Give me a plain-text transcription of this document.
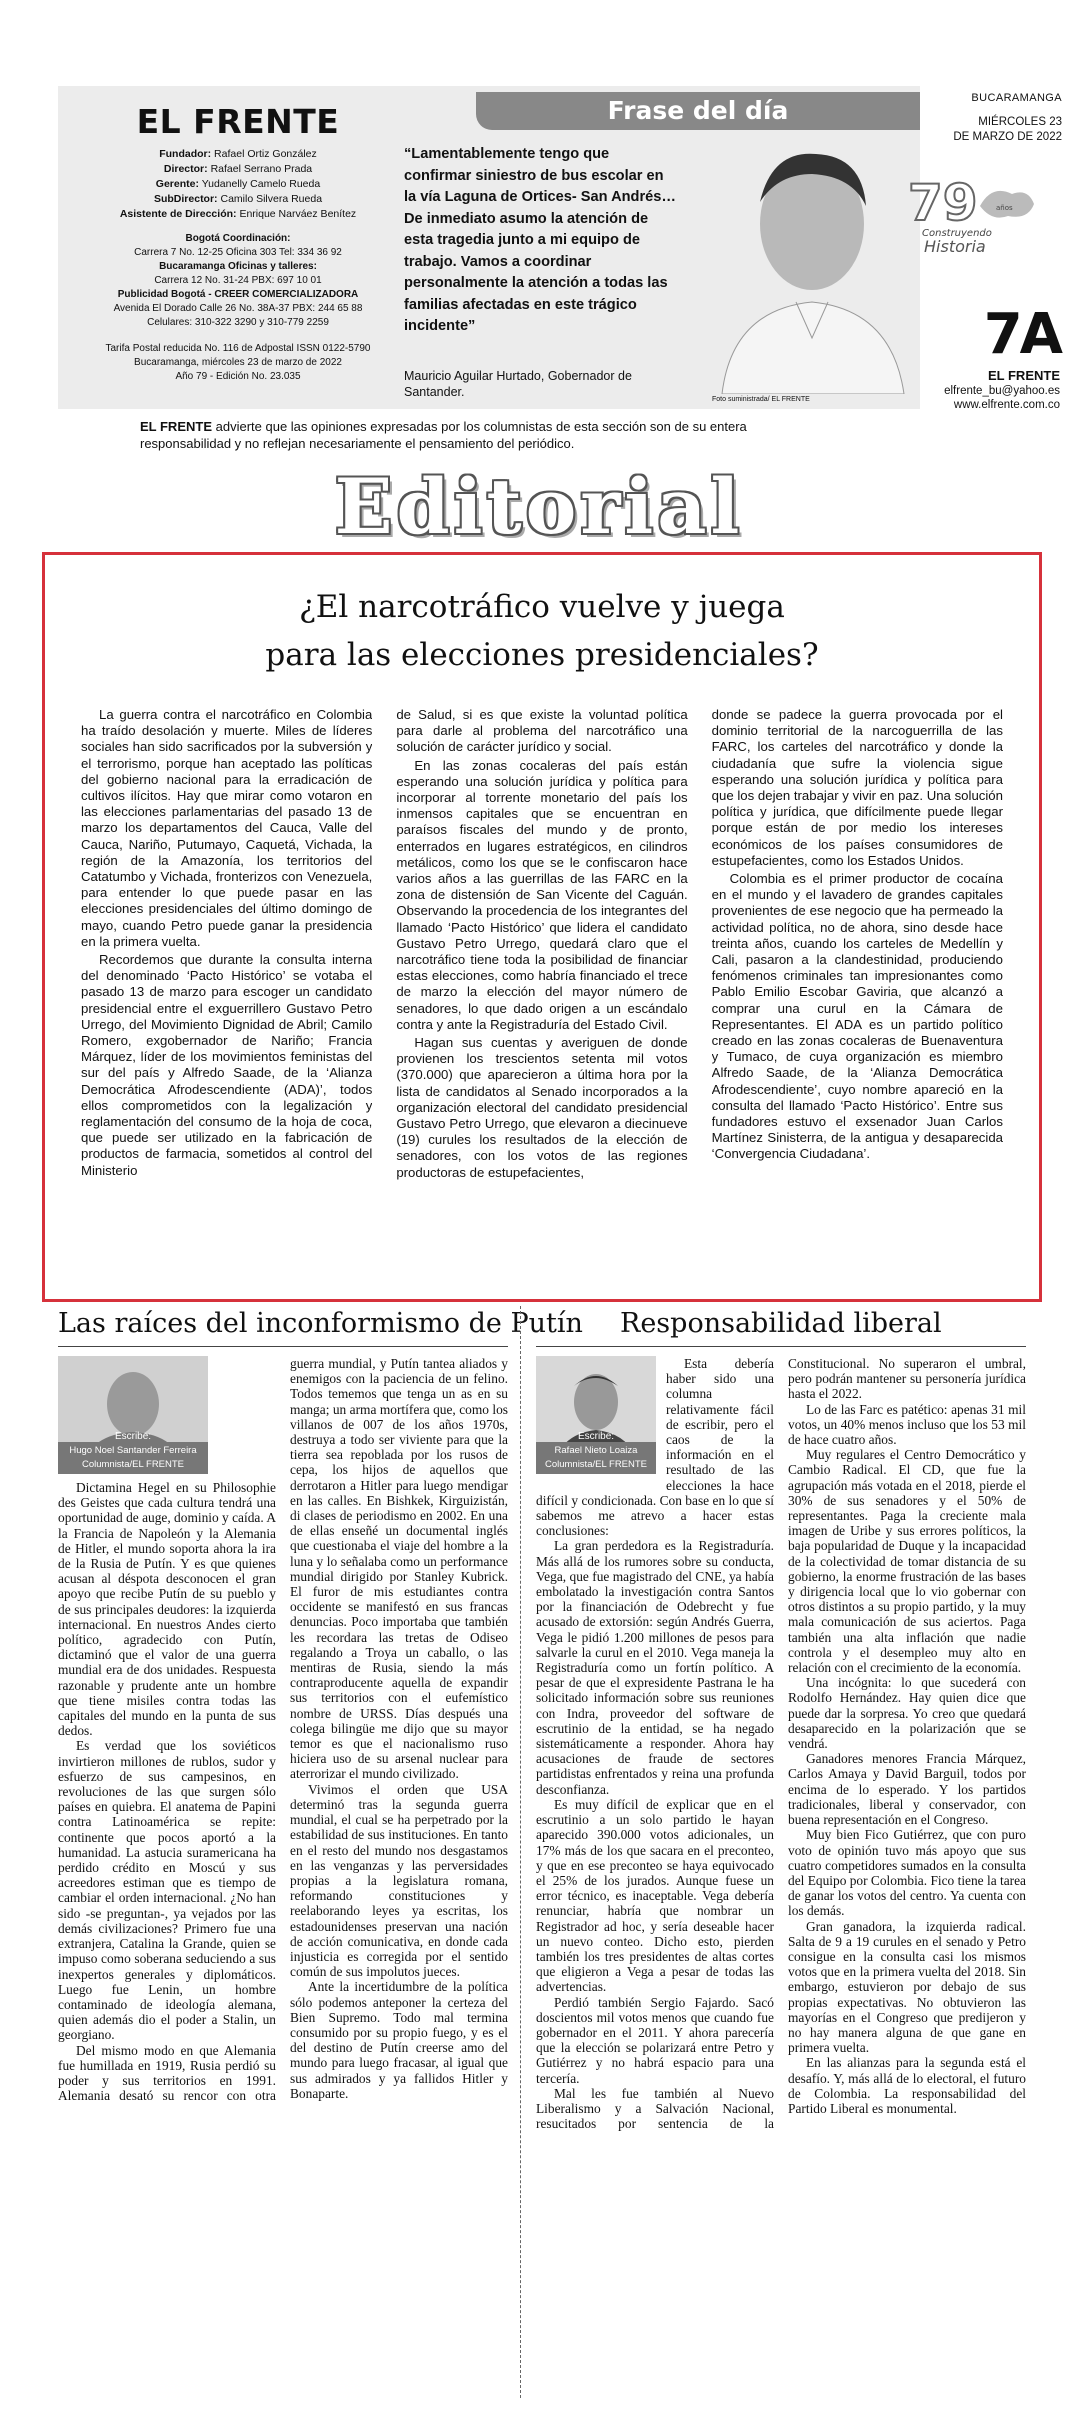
EL FRENTE
Fundador: Rafael Ortiz González
Director: Rafael Serrano Prada
Gerente: Yudanelly Camelo Rueda
SubDirector: Camilo Silvera Rueda
Asistente de Dirección: Enrique Narváez Benítez
Bogotá Coordinación:
Carrera 7 No. 12-25 Oficina 303 Tel: 334 36 92
Bucaramanga Oficinas y talleres:
Carrera 12 No. 31-24 PBX: 697 10 01
Publicidad Bogotá - CREER COMERCIALIZADORA
Avenida El Dorado Calle 26 No. 38A-37 PBX: 244 65 88
Celulares: 310-322 3290 y 310-779 2259
Tarifa Postal reducida No. 116 de Adpostal ISSN 0122-5790
Bucaramanga, miércoles 23 de marzo de 2022
Año 79 - Edición No. 23.035
Frase del día
“Lamentablemente tengo que confirmar siniestro de bus escolar en la vía Laguna de Ortices- San Andrés… De inmediato asumo la atención de esta tragedia junto a mi equipo de trabajo. Vamos a coordinar personalmente la atención a todas las familias afectadas en este trágico incidente”
Mauricio Aguilar Hurtado, Gobernador de Santander.
Foto suministrada/ EL FRENTE
BUCARAMANGA
MIÉRCOLES 23
DE MARZO DE 2022
79	años
Construyendo
Historia
7A
EL FRENTE
elfrente_bu@yahoo.es
www.elfrente.com.co
EL FRENTE advierte que las opiniones expresadas por los columnistas de esta sección son de su entera responsabilidad y no reflejan necesariamente el pensamiento del periódico.
Editorial
¿El narcotráfico vuelve y juega
para las elecciones presidenciales?

La guerra contra el narcotráfico en Colombia ha traído desolación y muerte. Miles de líderes sociales han sido sacrificados por la subversión y el terrorismo, porque han aceptado las políticas del gobierno nacional para la erradicación de cultivos ilícitos. Hay que mirar como votaron en las elecciones parlamentarias del pasado 13 de marzo los departamentos del Cauca, Valle del Cauca, Nariño, Putumayo, Caquetá, Vichada, la región de la Amazonía, los territorios del Catatumbo y Vichada, fronterizos con Venezuela, para entender lo que puede pasar en las elecciones presidenciales del último domingo de mayo, cuando Petro puede ganar la presidencia en la primera vuelta.

Recordemos que durante la consulta interna del denominado ‘Pacto Histórico’ se votaba el pasado 13 de marzo para escoger un candidato presidencial entre el exguerrillero Gustavo Petro Urrego, del Movimiento Dignidad de Abril; Camilo Romero, exgobernador de Nariño; Francia Márquez, líder de los movimientos feministas del sur del país y Alfredo Saade, de la ‘Alianza Democrática Afrodescendiente (ADA)’, todos ellos comprometidos con la legalización y reglamentación del consumo de la hoja de coca, que puede ser utilizado en la fabricación de productos de farmacia, sometidos al control del Ministerio

de Salud, si es que existe la voluntad política para darle al problema del narcotráfico una solución de carácter jurídico y social.

En las zonas cocaleras del país están esperando una solución jurídica y política para incorporar al torrente monetario del país los inmensos capitales que se encuentran en paraísos fiscales del mundo y de pronto, enterrados en lugares estratégicos, en cilindros metálicos, como los que se le confiscaron hace varios años a las guerrillas de las FARC en la zona de distensión de San Vicente del Caguán. Observando la procedencia de los integrantes del llamado ‘Pacto Histórico’ que lidera el candidato Gustavo Petro Urrego, quedará claro que el narcotráfico tiene toda la posibilidad de financiar estas elecciones, como habría financiado el trece de marzo la elección del mayor número de senadores, lo que dado origen a un escándalo contra y ante la Registraduría del Estado Civil.

Hagan sus cuentas y averiguen de donde provienen los trescientos setenta mil votos (370.000) que aparecieron a última hora por la lista de candidatos al Senado incorporados a la organización electoral del candidato presidencial Gustavo Petro Urrego, que elevaron a diecinueve (19) curules los resultados de la elección de senadores, con los votos de las regiones productoras de estupefacientes,

donde se padece la guerra provocada por el dominio territorial de la narcoguerrilla de las FARC, los carteles del narcotráfico y donde la ciudadanía que sufre la violencia sigue esperando una solución jurídica y política para que los dejen trabajar y vivir en paz. Una solución política y jurídica, que difícilmente puede llegar porque están de por medio los intereses económicos de los países consumidores de estupefacientes, como los Estados Unidos.

Colombia es el primer productor de cocaína en el mundo y el lavadero de grandes capitales provenientes de ese negocio que ha permeado la actividad política, no de ahora, sino desde hace treinta años, cuando los carteles de Medellín y Cali, pasaron a la clandestinidad, produciendo fenómenos criminales tan impresionantes como Pablo Emilio Escobar Gaviria, que alcanzó a comprar una curul en la Cámara de Representantes. El ADA es un partido político creado en las zonas cocaleras de Buenaventura y Tumaco, de cuya organización es miembro Alfredo Saade, de la ‘Alianza Democrática Afrodescendiente’, cuyo nombre apareció en la consulta del llamado ‘Pacto Histórico’. Entre sus fundadores estuvo el exsenador Juan Carlos Martínez Sinisterra, de la antigua y desaparecida ‘Convergencia Ciudadana’.

Las raíces del inconformismo de Putín Responsabilidad liberal
Escribe:
Hugo Noel Santander Ferreira
Columnista/EL FRENTE

Dictamina Hegel en su Philosophie des Geistes que cada cultura tendrá una oportunidad de auge, dominio y caída. A la Francia de Napoleón y la Alemania de Hitler, el mundo soporta ahora la ira de la Rusia de Putín. Y es que quienes acusan al déspota desconocen el gran apoyo que recibe Putín de su pueblo y de sus principales deudores: la izquierda internacional. En nuestros Andes cierto político, agradecido con Putín, dictaminó que el valor de una guerra mundial era de dos unidades. Respuesta razonable y prudente ante un hombre que tiene misiles contra todas las capitales del mundo en la punta de sus dedos.

Es verdad que los soviéticos invirtieron millones de rublos, sudor y esfuerzo de sus campesinos, en revoluciones de las que surgen sólo países en quiebra. El anatema de Papini contra Latinoamérica se repite: continente que pocos aportó a la humanidad. La astucia suramericana ha perdido crédito en Moscú y sus acreedores estiman que es tiempo de cambiar el orden internacional. ¿No han sido -se preguntan-, ya vejados por las demás civilizaciones? Primero fue una extranjera, Catalina la Grande, quien se impuso como soberana seduciendo a sus inexpertos generales y diplomáticos. Luego fue Lenin, un hombre contaminado de ideología alemana, quien además dio el poder a Stalin, un georgiano.

Del mismo modo en que Alemania fue humillada en 1919, Rusia perdió su poder y sus territorios en 1991. Alemania desató su rencor con otra guerra mundial, y Putín tantea aliados y enemigos con la paciencia de un felino. Todos tememos que tenga un as en su manga; un arma mortífera que, como los villanos de 007 de los años 1970s, destruya a todo ser viviente para que la tierra sea repoblada por los rusos de cepa, los hijos de aquellos que derrotaron a Hitler para luego mendigar en las calles. En Bishkek, Kirguizistán, di clases de periodismo en 2002. En una de ellas enseñé un documental inglés que cuestionaba el viaje del hombre a la luna y lo señalaba como un performance mundial dirigido por Stanley Kubrick. El furor de mis estudiantes contra occidente se manifestó en sus francas denuncias. Poco importaba que también les recordara las tretas de Odiseo regalando a Troya un caballo, o las mentiras de Rusia, siendo la más contraproducente aquella de expandir sus territorios con el eufemístico nombre de URSS. Días después una colega bilingüe me dijo que su mayor temor es que el nacionalismo ruso hiciera uso de su arsenal nuclear para aterrorizar el mundo civilizado.

Vivimos el orden que USA determinó tras la segunda guerra mundial, el cual se ha perpetrado por la estabilidad de sus instituciones. En tanto en el resto del mundo nos desgastamos en las venganzas y las perversidades propias a la legislatura romana, reformando constituciones y reelaborando leyes ya escritas, los estadounidenses preservan una nación de acción comunicativa, en donde cada injusticia es corregida por el sentido común de sus impolutos jueces.

Ante la incertidumbre de la política sólo podemos anteponer la certeza del Bien Supremo. Todo mal termina consumido por su propio fuego, y es el del destino de Putín creerse amo del mundo para luego fracasar, al igual que sus admirados y ya fallidos Hitler y Bonaparte.

Escribe:
Rafael Nieto Loaiza
Columnista/EL FRENTE

Esta debería haber sido una columna relativamente fácil de escribir, pero el caos de la información en el resultado de las elecciones la hace difícil y condicionada. Con base en lo que sí sabemos me atrevo a hacer estas conclusiones:

La gran perdedora es la Registraduría. Más allá de los rumores sobre su conducta, Vega, que fue magistrado del CNE, ya había embolatado la investigación contra Santos por la financiación de Odebrecht y fue acusado de extorsión: según Andrés Guerra, Vega le pidió 1.200 millones de pesos para salvarle la curul en el 2010. Vega maneja la Registraduría como un fortín político. A pesar de que el expresidente Pastrana le ha solicitado información sobre sus reuniones con Indra, proveedor del software de escrutinio de la entidad, se ha negado sistemáticamente a responder. Ahora hay acusaciones de fraude de sectores partidistas enfrentados y reina una profunda desconfianza.

Es muy difícil de explicar que en el escrutinio a un solo partido le hayan aparecido 390.000 votos adicionales, un 17% más de los que sacara en el preconteo, y que en ese preconteo se haya equivocado el 25% de los jurados. Aunque fuese un error técnico, es inaceptable. Vega debería renunciar, habría que nombrar un Registrador ad hoc, y sería deseable hacer un nuevo conteo. Dicho esto, pierden también los tres presidentes de altas cortes que eligieron a Vega a pesar de todas las advertencias.

Perdió también Sergio Fajardo. Sacó doscientos mil votos menos que cuando fue gobernador en el 2011. Y ahora parecería que la elección se polarizará entre Petro y Gutiérrez y no habrá espacio para una tercería.

Mal les fue también al Nuevo Liberalismo y a Salvación Nacional, resucitados por sentencia de la Constitucional. No superaron el umbral, pero podrán mantener su personería jurídica hasta el 2022.

Lo de las Farc es patético: apenas 31 mil votos, un 40% menos incluso que los 53 mil de hace cuatro años.

Muy regulares el Centro Democrático y Cambio Radical. El CD, que fue la agrupación más votada en el 2018, pierde el 30% de sus senadores y el 50% de representantes. Paga la creciente mala imagen de Uribe y sus errores políticos, la baja popularidad de Duque y la incapacidad de la colectividad de tomar distancia de su gobierno, la enorme frustración de las bases y dirigencia local que lo vio gobernar con otros distintos a su propio partido, y la muy mala comunicación de sus aciertos. Paga también una alta inflación que nadie controla y el desempleo muy alto en relación con el crecimiento de la economía.

Una incógnita: lo que sucederá con Rodolfo Hernández. Hay quien dice que puede dar la sorpresa. Yo creo que quedará desaparecido en la polarización que se vendrá.

Ganadores menores Francia Márquez, Carlos Amaya y David Barguil, todos por encima de lo esperado. Y los partidos tradicionales, liberal y conservador, con buena representación en el Congreso.

Muy bien Fico Gutiérrez, que con puro voto de opinión tuvo más apoyo que sus cuatro competidores sumados en la consulta del Equipo por Colombia. Fico tiene la tarea de ganar los votos del centro. Ya cuenta con los demás.

Gran ganadora, la izquierda radical. Salta de 9 a 19 curules en el senado y Petro consigue en la consulta casi los mismos votos que en la primera vuelta del 2018. Sin embargo, estuvieron por debajo de sus propias expectativas. No obtuvieron las mayorías en el Congreso que predijeron y no hay manera alguna de que gane en primera vuelta.

En las alianzas para la segunda está el desafío. Y, más allá de lo electoral, el futuro de Colombia. La responsabilidad del Partido Liberal es monumental.
